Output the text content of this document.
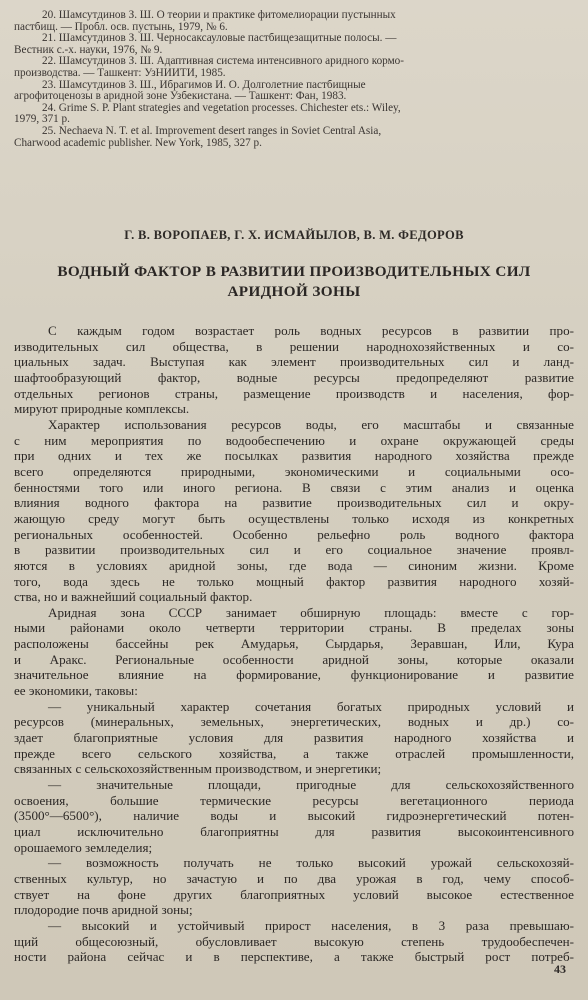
20. Шамсутдинов З. Ш. О теории и практике фитомелиорации пустынных

пастбищ. — Пробл. осв. пустынь, 1979, № 6.

21. Шамсутдинов З. Ш. Черносаксауловые пастбищезащитные полосы. —

Вестник с.-х. науки, 1976, № 9.

22. Шамсутдинов З. Ш. Адаптивная система интенсивного аридного кормо-

производства. — Ташкент: УзНИИТИ, 1985.

23. Шамсутдинов З. Ш., Ибрагимов И. О. Долголетние пастбищные

агрофитоценозы в аридной зоне Узбекистана. — Ташкент: Фан, 1983.

24. Grime S. P. Plant strategies and vegetation processes. Chichester ets.: Wiley,

1979, 371 p.

25. Nechaeva N. T. et al. Improvement desert ranges in Soviet Central Asia,

Charwood academic publisher. New York, 1985, 327 p.

Г. В. ВОРОПАЕВ, Г. Х. ИСМАЙЫЛОВ, В. М. ФЕДОРОВ
ВОДНЫЙ ФАКТОР В РАЗВИТИИ ПРОИЗВОДИТЕЛЬНЫХ СИЛ
АРИДНОЙ ЗОНЫ

С каждым годом возрастает роль водных ресурсов в развитии про-

изводительных сил общества, в решении народнохозяйственных и со-

циальных задач. Выступая как элемент производительных сил и ланд-

шафтообразующий фактор, водные ресурсы предопределяют развитие

отдельных регионов страны, размещение производств и населения, фор-

мируют природные комплексы.

Характер использования ресурсов воды, его масштабы и связанные

с ним мероприятия по водообеспечению и охране окружающей среды

при одних и тех же посылках развития народного хозяйства прежде

всего определяются природными, экономическими и социальными осо-

бенностями того или иного региона. В связи с этим анализ и оценка

влияния водного фактора на развитие производительных сил и окру-

жающую среду могут быть осуществлены только исходя из конкретных

региональных особенностей. Особенно рельефно роль водного фактора

в развитии производительных сил и его социальное значение проявл-

яются в условиях аридной зоны, где вода — синоним жизни. Кроме

того, вода здесь не только мощный фактор развития народного хозяй-

ства, но и важнейший социальный фактор.

Аридная зона СССР занимает обширную площадь: вместе с гор-

ными районами около четверти территории страны. В пределах зоны

расположены бассейны рек Амударья, Сырдарья, Зеравшан, Или, Кура

и Аракс. Региональные особенности аридной зоны, которые оказали

значительное влияние на формирование, функционирование и развитие

ее экономики, таковы:

— уникальный характер сочетания богатых природных условий и

ресурсов (минеральных, земельных, энергетических, водных и др.) со-

здает благоприятные условия для развития народного хозяйства и

прежде всего сельского хозяйства, а также отраслей промышленности,

связанных с сельскохозяйственным производством, и энергетики;

— значительные площади, пригодные для сельскохозяйственного

освоения, большие термические ресурсы вегетационного периода

(3500°—6500°), наличие воды и высокий гидроэнергетический потен-

циал исключительно благоприятны для развития высокоинтенсивного

орошаемого земледелия;

— возможность получать не только высокий урожай сельскохозяй-

ственных культур, но зачастую и по два урожая в год, чему способ-

ствует на фоне других благоприятных условий высокое естественное

плодородие почв аридной зоны;

— высокий и устойчивый прирост населения, в 3 раза превышаю-

щий общесоюзный, обусловливает высокую степень трудообеспечен-

ности района сейчас и в перспективе, а также быстрый рост потреб-

43
